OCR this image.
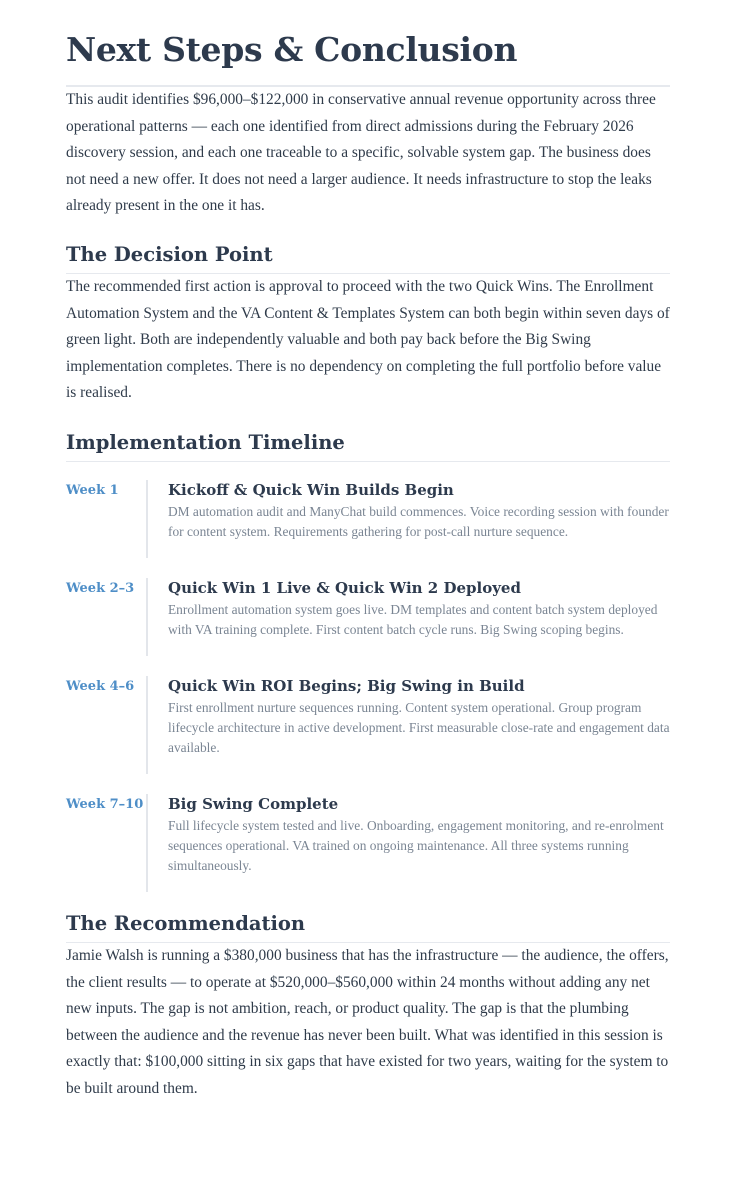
Next Steps & Conclusion

This audit identifies $96,000–$122,000 in conservative annual revenue opportunity across three operational patterns — each one identified from direct admissions during the February 2026 discovery session, and each one traceable to a specific, solvable system gap. The business does not need a new offer. It does not need a larger audience. It needs infrastructure to stop the leaks already present in the one it has.

The Decision Point

The recommended first action is approval to proceed with the two Quick Wins. The Enrollment Automation System and the VA Content & Templates System can both begin within seven days of green light. Both are independently valuable and both pay back before the Big Swing implementation completes. There is no dependency on completing the full portfolio before value is realised.

Implementation Timeline
Week 1	Kickoff & Quick Win Builds Begin
DM automation audit and ManyChat build commences. Voice recording session with founder for content system. Requirements gathering for post-call nurture sequence.
Week 2–3	Quick Win 1 Live & Quick Win 2 Deployed
Enrollment automation system goes live. DM templates and content batch system deployed with VA training complete. First content batch cycle runs. Big Swing scoping begins.
Week 4–6	Quick Win ROI Begins; Big Swing in Build
First enrollment nurture sequences running. Content system operational. Group program lifecycle architecture in active development. First measurable close-rate and engagement data available.
Week 7–10 Big Swing Complete
Full lifecycle system tested and live. Onboarding, engagement monitoring, and re-enrolment sequences operational. VA trained on ongoing maintenance. All three systems running simultaneously.
The Recommendation

Jamie Walsh is running a $380,000 business that has the infrastructure — the audience, the offers, the client results — to operate at $520,000–$560,000 within 24 months without adding any net new inputs. The gap is not ambition, reach, or product quality. The gap is that the plumbing between the audience and the revenue has never been built. What was identified in this session is exactly that: $100,000 sitting in six gaps that have existed for two years, waiting for the system to be built around them.
